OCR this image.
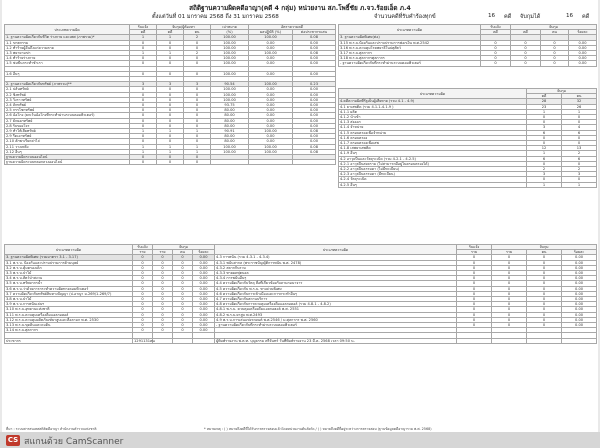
สถิติฐานความผิดคดีอาญา(คดี 4 กลุ่ม) หน่วยงาน สภ.โพธิ์ชัย ภ.จว.ร้อยเอ็ด ภ.4
ตั้งแต่วันที่ 01 มกราคม 2568 ถึง 31 มกราคม 2568	จำนวนคดีที่รับคำร้องทุกข์	16 คดี จับกุมได้	16 คดี
ประเภทความผิด	รับแจ้ง	จับกุม/ผู้ต้องหา		เปาหมาย	อัตราความคดี	
	คดี	คดี	คน	(%)	ผลปฏิบัติ (%)	ต่อประชากรแสน
1. ฐานความผิดเกี่ยวกับชีวิต ร่างกาย และเพศ (ภาพรวม)*	1	1	2	100.00	100.00	0.08
1.1 ฆาตกรรม	0	0	0	100.00	0.00	0.00
1.2 ทำร้ายผู้อื่นถึงแก่ความตาย	0	0	0	100.00	0.00	0.00
1.3 พยายามฆ่า	1	1	2	100.00	100.00	0.08
1.4 ทำร้ายร่างกาย	0	0	0	100.00	0.00	0.00
1.5 ข่มขืนกระทำชำเรา	0	0	0	100.00	0.00	0.00

1.6 อื่นๆ	0	0	0	100.00	0.00	0.00

2. ฐานความผิดเกี่ยวกับทรัพย์ (ภาพรวม)**	3	3	3	90.54	100.00	0.23
2.1 ปล้นทรัพย์	0	0	0	100.00	0.00	0.00
2.2 ชิงทรัพย์	0	0	0	100.00	0.00	0.00
2.3 วิ่งราวทรัพย์	0	0	0	100.00	0.00	0.00
2.4 ลักทรัพย์	0	0	0	93.75	0.00	0.00
2.5 กรรโชกทรัพย์	0	0	0	80.00	0.00	0.00
2.6 ฉ้อโกง (ยกเว้นฉ้อโกงที่กระทำผ่านระบบคอมพิวเตอร์)	0	0	0	80.00	0.00	0.00
2.7 ยักยอกทรัพย์	0	0	0	80.00	0.00	0.00
2.8 รับของโจร	0	0	0	80.00	0.00	0.00
2.9 ทำให้เสียทรัพย์	1	1	1	90.91	100.00	0.08
2.9 รีดเอาทรัพย์	0	0	0	80.00	0.00	0.00
2.10 ลักพาเรียกค่าไถ่	0	0	0	80.00	0.00	0.00
2.11 วางเพลิง	1	1	1	100.00	100.00	0.08
2.12 อื่นๆ	1	1	1	100.00	100.00	0.08
ฐานความผิดระบบออนไลน์	0	0	0			
ฐานความผิดระบบหลอกลวงออนไลน์	0	0	0			
ประเภทความผิด	รับแจ้ง	จับกุม		
	คดี	คดี	คน	ร้อยละ
3. ฐานความผิดพิเศษ(ต่อ)				
3.15 พ.ร.บ.ป้องกันและปราบปรามการฟอกเงิน พ.ศ.2542	0	0	0	0.00
3.16 พ.ร.บ.ควบคุมโรคพยาธิในปศุสัตว์	0	0	0	0.00
3.17 พ.ร.บ.ศุลกากร	0	0	0	0.00
3.18 พ.ร.บ.ศุลกากรศุลกากร	0	0	0	0.00
- ฐานความผิดเกี่ยวกับที่กระทำผ่านระบบคอมพิวเตอร์	0	0	0	0.00
ประเภทความผิด	จับกุม	
	คดี	คน
4.คดีความผิดที่รัฐเป็นผู้เสียหาย (รวม 4.1 - 4.9)	28	32
4.1 ยาเสพติด (รวม 4.1.1-4.1.9 )	23	26
4.1.1 ผลิต	1	1
4.1.2 นำเข้า	0	0
4.1.3 ส่งออก	0	0
4.1.4 จำหน่าย	3	4
4.1.5 ครอบครองเพื่อจำหน่าย	6	6
4.1.6 ครอบครอง	0	0
4.1.7 ครอบครองเพื่อเสพ	0	0
4.1.8 เสพยาเสพติด	12	13
4.1.9 อื่นๆ	1	2
4.2 อาวุธปืนและวัตถุระเบิด (รวม 4.2.1 - 4.2.5)	6	6
4.2.1 อาวุธปืนสงคราม (ไม่สามารถมีอยู่ในครอบครองได้)	0	0
4.2.2 อาวุธปืนธรรมดา (ไม่มีทะเบียน)	2	2
4.2.3 อาวุธปืนธรรมดา (มีทะเบียน)	3	3
4.2.4 วัตถุระเบิด	0	0
4.2.5 อื่นๆ	1	1
ประเภทความผิด	รับแจ้ง	จับกุม			ประเภทความผิด	รับแจ้ง	จับกุม		
	ราย	ราย	คน	ร้อยละ		ราย	ราย	คน	ร้อยละ
3. ฐานความผิดพิเศษ (รวมมาตรา 3.1 - 3.17)	0	0	0	0.00	4.3 การพนัน (รวม 4.3.1 - 4.3.4)	0	0	0	0.00
3.1 พ.ร.บ. ป้องกันและปราบปรามการค้ามนุษย์	0	0	0	0.00	4.3.1 พนันสากล (พระราชบัญญัติการพนัน พ.ศ. 2478)	0	0	0	0.00
3.2 พ.ร.บ.คุ้มครองเด็ก	0	0	0	0.00	4.3.2 สลากกินรวบ	0	0	0	0.00
3.3 พ.ร.บ.ป่าไม้	0	0	0	0.00	4.3.3 ทายผลฟุตบอล	0	0	0	0.00
3.4 พ.ร.บ.สัตว์ป่าสงวน	0	0	0	0.00	4.3.4 การพนันอื่นๆ	0	0	0	0.00
3.5 พ.ร.บ.ทรัพยากรน้ำ	0	0	0	0.00	4.4 ความผิดเกี่ยวกับวัตถุ สื่อที่เกี่ยวข้องกับลามกอนาจาร	0	0	0	0.00
3.6 พ.ร.บ.ว่าด้วยการกระทำความผิดทางคอมพิวเตอร์	0	0	0	0.00	4.5 ความผิดเกี่ยวกับ พ.ร.บ. ทางด่วนพิเศษ	0	0	0	0.00
3.7 ความผิดเกี่ยวกับทรัพย์สินทางปัญญา (ป.อาญา ม.269/1-269/7)	0	0	0	0.00	4.6 ความผิดเกี่ยวกับการเข้าเมืองและการกระทำอื่นๆ	0	0	0	0.00
3.8 พ.ร.บ.ป่าไม้	0	0	0	0.00	4.7 ความผิดเกี่ยวกับสถานบริการ	0	0	0	0.00
3.9 พ.ร.บ.การพนันเล่นฯ	0	0	0	0.00	4.8 ความผิดเกี่ยวกับการควบคุมเครื่องดื่มแอลกอฮอล์ (รวม 4.8.1 - 4.8.2)	0	0	0	0.00
3.10 พ.ร.บ.อุทยานแห่งชาติ	0	0	0	0.00	4.8.1 พ.ร.บ. ควบคุมเครื่องดื่มแอลกอฮอล์ พ.ศ. 2551	0	0	0	0.00
3.11 พ.ร.บ.ควบคุมเครื่องดื่มแอลกอฮอล์	0	0	0	0.00	4.8.2 พ.ร.บ.ยาสูบ พ.ศ.2493	0	0	0	0.00
3.12 พ.ร.บ.ควบคุมผลิตภัณฑ์ยาสูบและสื่อลามก พ.ศ. 2530	0	0	0	0.00	4.9 พ.ร.บ.การเล่นแข่งรถยนต์ พ.ศ.2546 / ม.ศุลกากร พ.ศ. 2560	0	0	0	0.00
3.13 พ.ร.บ.ขุดดินและถมดิน	0	0	0	0.00	- ฐานความผิดเกี่ยวกับที่กระทำผ่านระบบคอมพิวเตอร์	0	0	0	0.00
3.14 พ.ร.บ.ศุลกากร	0	0	0	0.00					

ประชากร	1291131คน				ผู้พิมพ์รายงาน พ.ต.ท. บุญธรรม ศรีจันทร์ วันที่พิมพ์รายงาน 23 มี.ค. 2568 เวลา 09:50 น.				
ที่มา : ระบบสารสนเทศสถิติคดีอาญา สำนักงานตำรวจแห่งชาติ	* หมายเหตุ : ( ) หมายถึงคดีที่ได้รับการตรวจสอบแล้วโดยหน่วยงานต้นสังกัด / ( ) หมายถึงคดีที่อยู่ระหว่างการตรวจสอบ (ฐานข้อมูลคดีอาญารวม พ.ศ. 2568)
CS สแกนด้วย CamScanner
